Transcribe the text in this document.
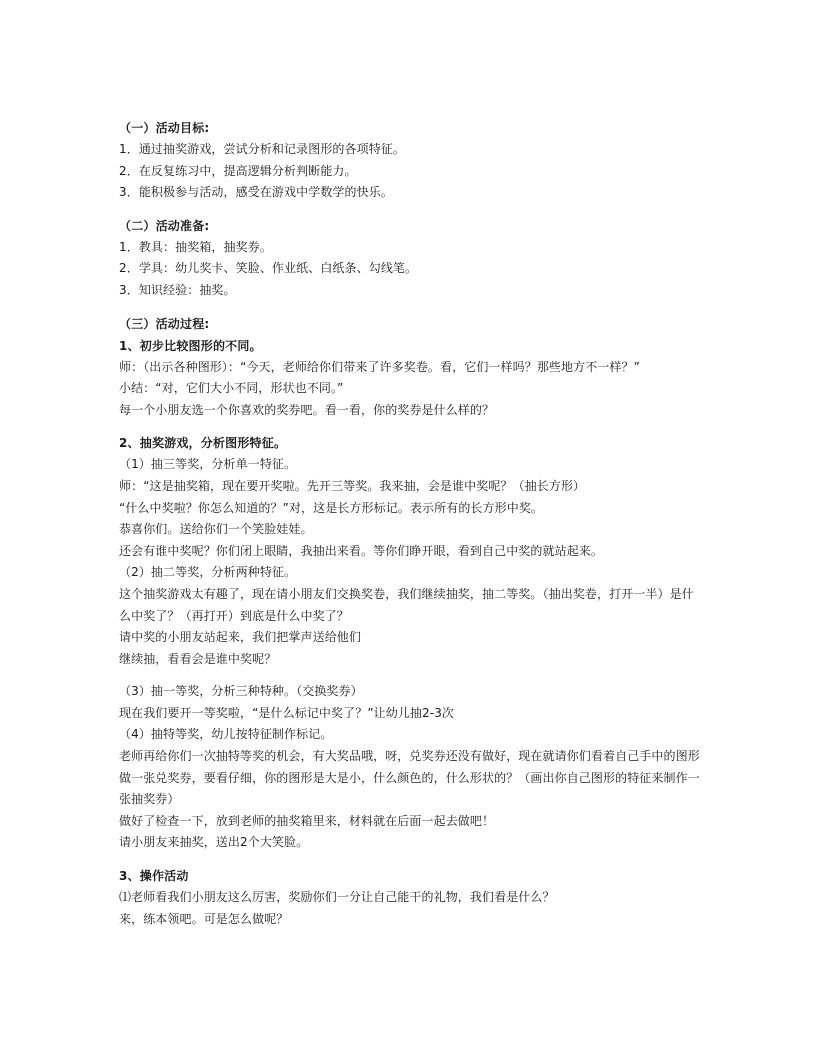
（一）活动目标:
1．通过抽奖游戏，尝试分析和记录图形的各项特征。
2．在反复练习中，提高逻辑分析判断能力。
3．能积极参与活动，感受在游戏中学数学的快乐。
（二）活动准备:
1．教具：抽奖箱，抽奖券。
2．学具：幼儿奖卡、笑脸、作业纸、白纸条、勾线笔。
3．知识经验：抽奖。
（三）活动过程:
1、初步比较图形的不同。
师：（出示各种图形）：“今天，老师给你们带来了许多奖卷。看，它们一样吗？那些地方不一样？”
小结：“对，它们大小不同，形状也不同。”
每一个小朋友选一个你喜欢的奖券吧。看一看，你的奖券是什么样的？
2、抽奖游戏，分析图形特征。
（1）抽三等奖，分析单一特征。
师：“这是抽奖箱，现在要开奖啦。先开三等奖。我来抽，会是谁中奖呢？（抽长方形）
“什么中奖啦？你怎么知道的？”对，这是长方形标记。表示所有的长方形中奖。
恭喜你们。送给你们一个笑脸娃娃。
还会有谁中奖呢？你们闭上眼睛，我抽出来看。等你们睁开眼，看到自己中奖的就站起来。
（2）抽二等奖，分析两种特征。
这个抽奖游戏太有趣了，现在请小朋友们交换奖卷，我们继续抽奖，抽二等奖。（抽出奖卷，打开一半）是什
么中奖了？（再打开）到底是什么中奖了？
请中奖的小朋友站起来，我们把掌声送给他们
继续抽，看看会是谁中奖呢？
（3）抽一等奖，分析三种特种。（交换奖券）
现在我们要开一等奖啦，“是什么标记中奖了？”让幼儿抽2-3次
（4）抽特等奖，幼儿按特征制作标记。
老师再给你们一次抽特等奖的机会，有大奖品哦，呀，兑奖券还没有做好，现在就请你们看着自己手中的图形
做一张兑奖券，要看仔细，你的图形是大是小，什么颜色的，什么形状的？（画出你自己图形的特征来制作一
张抽奖券）
做好了检查一下，放到老师的抽奖箱里来，材料就在后面一起去做吧！
请小朋友来抽奖，送出2个大笑脸。
3、操作活动
⑴老师看我们小朋友这么厉害，奖励你们一分让自己能干的礼物，我们看是什么？
来，练本领吧。可是怎么做呢？
